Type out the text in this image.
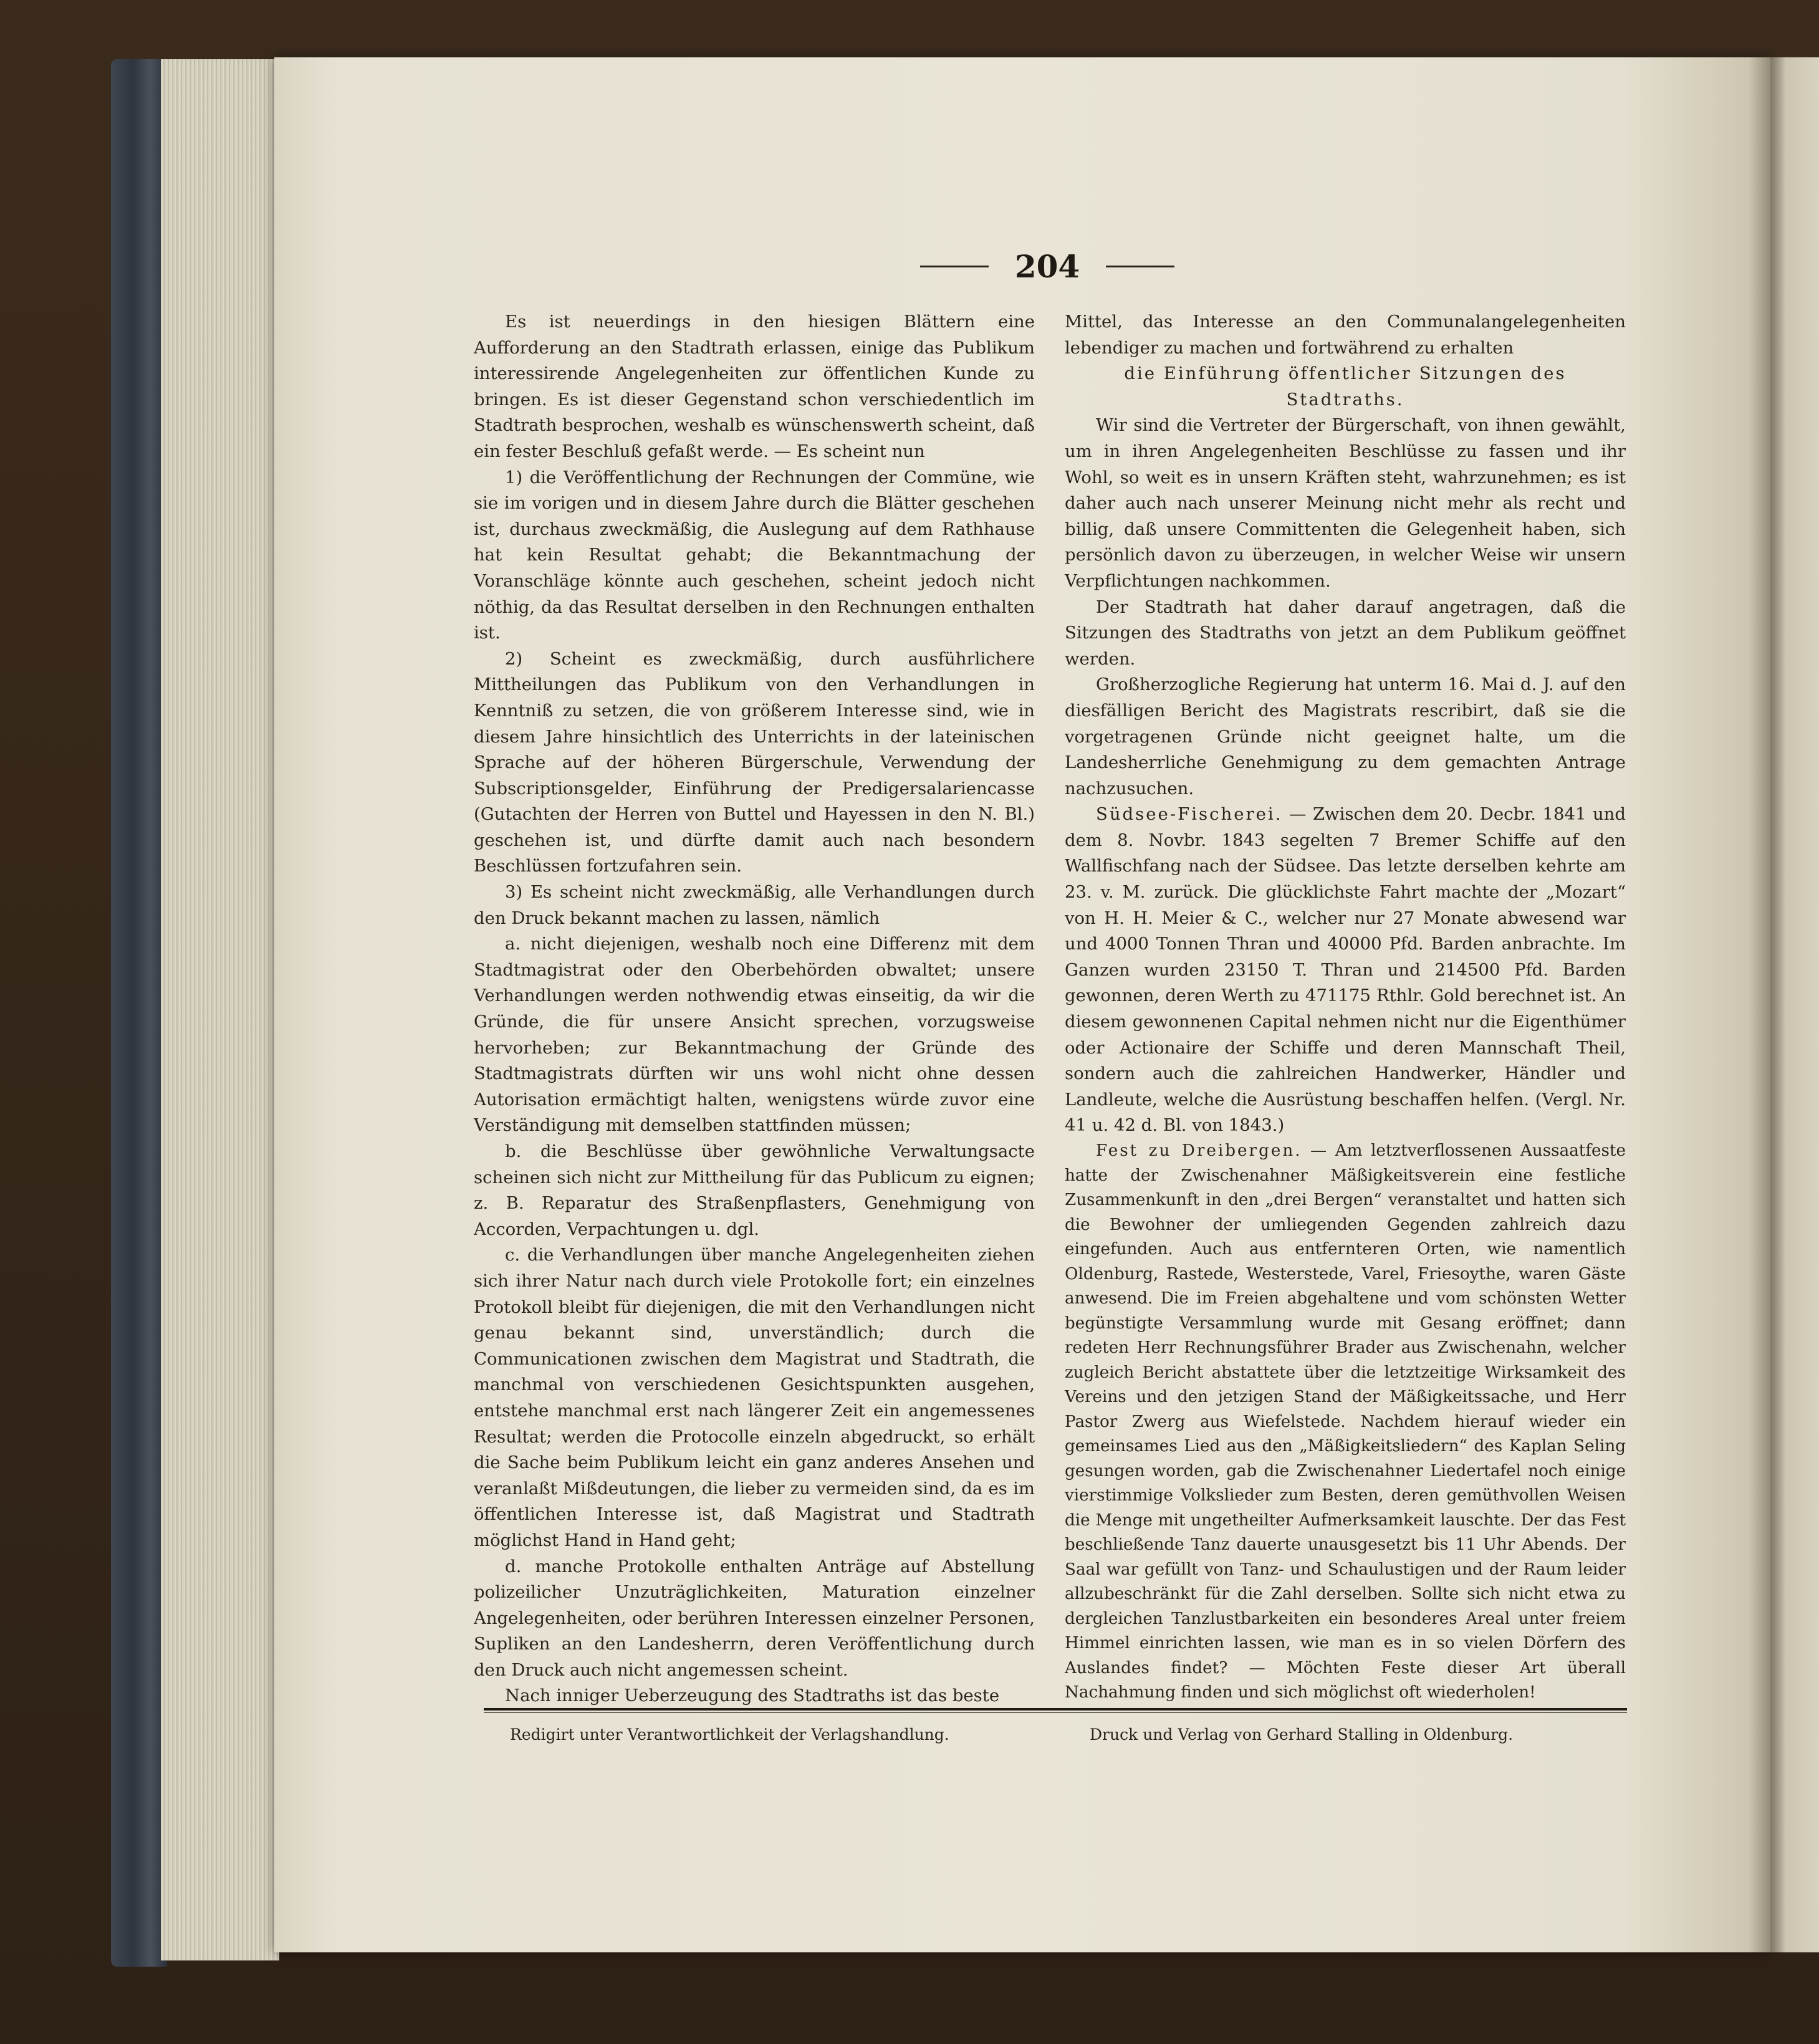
204

Es ist neuerdings in den hiesigen Blättern eine Aufforderung an den Stadtrath erlassen, einige das Publikum interessirende Angelegenheiten zur öffentlichen Kunde zu bringen. Es ist dieser Gegenstand schon verschiedentlich im Stadtrath besprochen, weshalb es wünschenswerth scheint, daß ein fester Beschluß gefaßt werde. — Es scheint nun

1) die Veröffentlichung der Rechnungen der Commüne, wie sie im vorigen und in diesem Jahre durch die Blätter geschehen ist, durchaus zweckmäßig, die Auslegung auf dem Rathhause hat kein Resultat gehabt; die Bekanntmachung der Voranschläge könnte auch geschehen, scheint jedoch nicht nöthig, da das Resultat derselben in den Rechnungen enthalten ist.

2) Scheint es zweckmäßig, durch ausführlichere Mittheilungen das Publikum von den Verhandlungen in Kenntniß zu setzen, die von größerem Interesse sind, wie in diesem Jahre hinsichtlich des Unterrichts in der lateinischen Sprache auf der höheren Bürgerschule, Verwendung der Subscriptionsgelder, Einführung der Predigersalariencasse (Gutachten der Herren von Buttel und Hayessen in den N. Bl.) geschehen ist, und dürfte damit auch nach besondern Beschlüssen fortzufahren sein.

3) Es scheint nicht zweckmäßig, alle Verhandlungen durch den Druck bekannt machen zu lassen, nämlich

a. nicht diejenigen, weshalb noch eine Differenz mit dem Stadtmagistrat oder den Oberbehörden obwaltet; unsere Verhandlungen werden nothwendig etwas einseitig, da wir die Gründe, die für unsere Ansicht sprechen, vorzugsweise hervorheben; zur Bekanntmachung der Gründe des Stadtmagistrats dürften wir uns wohl nicht ohne dessen Autorisation ermächtigt halten, wenigstens würde zuvor eine Verständigung mit demselben stattfinden müssen;

b. die Beschlüsse über gewöhnliche Verwaltungsacte scheinen sich nicht zur Mittheilung für das Publicum zu eignen; z. B. Reparatur des Straßenpflasters, Genehmigung von Accorden, Verpachtungen u. dgl.

c. die Verhandlungen über manche Angelegenheiten ziehen sich ihrer Natur nach durch viele Protokolle fort; ein einzelnes Protokoll bleibt für diejenigen, die mit den Verhandlungen nicht genau bekannt sind, unverständlich; durch die Communicationen zwischen dem Magistrat und Stadtrath, die manchmal von verschiedenen Gesichtspunkten ausgehen, entstehe manchmal erst nach längerer Zeit ein angemessenes Resultat; werden die Protocolle einzeln abgedruckt, so erhält die Sache beim Publikum leicht ein ganz anderes Ansehen und veranlaßt Mißdeutungen, die lieber zu vermeiden sind, da es im öffentlichen Interesse ist, daß Magistrat und Stadtrath möglichst Hand in Hand geht;

d. manche Protokolle enthalten Anträge auf Abstellung polizeilicher Unzuträglichkeiten, Maturation einzelner Angelegenheiten, oder berühren Interessen einzelner Personen, Supliken an den Landesherrn, deren Veröffentlichung durch den Druck auch nicht angemessen scheint.

Nach inniger Ueberzeugung des Stadtraths ist das beste

Mittel, das Interesse an den Communalangelegenheiten lebendiger zu machen und fortwährend zu erhalten

die Einführung öffentlicher Sitzungen des Stadtraths.

Wir sind die Vertreter der Bürgerschaft, von ihnen gewählt, um in ihren Angelegenheiten Beschlüsse zu fassen und ihr Wohl, so weit es in unsern Kräften steht, wahrzunehmen; es ist daher auch nach unserer Meinung nicht mehr als recht und billig, daß unsere Committenten die Gelegenheit haben, sich persönlich davon zu überzeugen, in welcher Weise wir unsern Verpflichtungen nachkommen.

Der Stadtrath hat daher darauf angetragen, daß die Sitzungen des Stadtraths von jetzt an dem Publikum geöffnet werden.

Großherzogliche Regierung hat unterm 16. Mai d. J. auf den diesfälligen Bericht des Magistrats rescribirt, daß sie die vorgetragenen Gründe nicht geeignet halte, um die Landesherrliche Genehmigung zu dem gemachten Antrage nachzusuchen.

Südsee-Fischerei. — Zwischen dem 20. Decbr. 1841 und dem 8. Novbr. 1843 segelten 7 Bremer Schiffe auf den Wallfischfang nach der Südsee. Das letzte derselben kehrte am 23. v. M. zurück. Die glücklichste Fahrt machte der „Mozart“ von H. H. Meier & C., welcher nur 27 Monate abwesend war und 4000 Tonnen Thran und 40000 Pfd. Barden anbrachte. Im Ganzen wurden 23150 T. Thran und 214500 Pfd. Barden gewonnen, deren Werth zu 471175 Rthlr. Gold berechnet ist. An diesem gewonnenen Capital nehmen nicht nur die Eigenthümer oder Actionaire der Schiffe und deren Mannschaft Theil, sondern auch die zahlreichen Handwerker, Händler und Landleute, welche die Ausrüstung beschaffen helfen. (Vergl. Nr. 41 u. 42 d. Bl. von 1843.)

Fest zu Dreibergen. — Am letztverflossenen Aussaatfeste hatte der Zwischenahner Mäßigkeitsverein eine festliche Zusammenkunft in den „drei Bergen“ veranstaltet und hatten sich die Bewohner der umliegenden Gegenden zahlreich dazu eingefunden. Auch aus entfernteren Orten, wie namentlich Oldenburg, Rastede, Westerstede, Varel, Friesoythe, waren Gäste anwesend. Die im Freien abgehaltene und vom schönsten Wetter begünstigte Versammlung wurde mit Gesang eröffnet; dann redeten Herr Rechnungsführer Brader aus Zwischenahn, welcher zugleich Bericht abstattete über die letztzeitige Wirksamkeit des Vereins und den jetzigen Stand der Mäßigkeitssache, und Herr Pastor Zwerg aus Wiefelstede. Nachdem hierauf wieder ein gemeinsames Lied aus den „Mäßigkeitsliedern“ des Kaplan Seling gesungen worden, gab die Zwischenahner Liedertafel noch einige vierstimmige Volkslieder zum Besten, deren gemüthvollen Weisen die Menge mit ungetheilter Aufmerksamkeit lauschte. Der das Fest beschließende Tanz dauerte unausgesetzt bis 11 Uhr Abends. Der Saal war gefüllt von Tanz- und Schaulustigen und der Raum leider allzubeschränkt für die Zahl derselben. Sollte sich nicht etwa zu dergleichen Tanzlustbarkeiten ein besonderes Areal unter freiem Himmel einrichten lassen, wie man es in so vielen Dörfern des Auslandes findet? — Möchten Feste dieser Art überall Nachahmung finden und sich möglichst oft wiederholen!

Redigirt unter Verantwortlichkeit der Verlagshandlung.	Druck und Verlag von Gerhard Stalling in Oldenburg.
